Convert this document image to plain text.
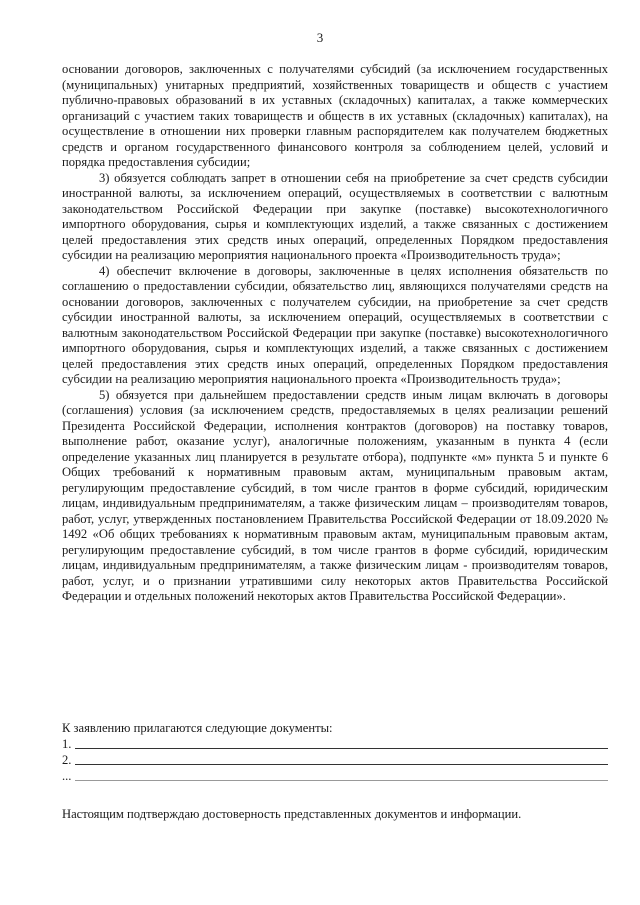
3

основании договоров, заключенных с получателями субсидий (за исключением государственных (муниципальных) унитарных предприятий, хозяйственных товариществ и обществ с участием публично-правовых образований в их уставных (складочных) капиталах, а также коммерческих организаций с участием таких товариществ и обществ в их уставных (складочных) капиталах), на осуществление в отношении них проверки главным распорядителем как получателем бюджетных средств и органом государственного финансового контроля за соблюдением целей, условий и порядка предоставления субсидии;

3) обязуется соблюдать запрет в отношении себя на приобретение за счет средств субсидии иностранной валюты, за исключением операций, осуществляемых в соответствии с валютным законодательством Российской Федерации при закупке (поставке) высокотехнологичного импортного оборудования, сырья и комплектующих изделий, а также связанных с достижением целей предоставления этих средств иных операций, определенных Порядком предоставления субсидии на реализацию мероприятия национального проекта «Производительность труда»;

4) обеспечит включение в договоры, заключенные в целях исполнения обязательств по соглашению о предоставлении субсидии, обязательство лиц, являющихся получателями средств на основании договоров, заключенных с получателем субсидии, на приобретение за счет средств субсидии иностранной валюты, за исключением операций, осуществляемых в соответствии с валютным законодательством Российской Федерации при закупке (поставке) высокотехнологичного импортного оборудования, сырья и комплектующих изделий, а также связанных с достижением целей предоставления этих средств иных операций, определенных Порядком предоставления субсидии на реализацию мероприятия национального проекта «Производительность труда»;

5) обязуется при дальнейшем предоставлении средств иным лицам включать в договоры (соглашения) условия (за исключением средств, предоставляемых в целях реализации решений Президента Российской Федерации, исполнения контрактов (договоров) на поставку товаров, выполнение работ, оказание услуг), аналогичные положениям, указанным в пункта 4 (если определение указанных лиц планируется в результате отбора), подпункте «м» пункта 5 и пункте 6 Общих требований к нормативным правовым актам, муниципальным правовым актам, регулирующим предоставление субсидий, в том числе грантов в форме субсидий, юридическим лицам, индивидуальным предпринимателям, а также физическим лицам – производителям товаров, работ, услуг, утвержденных постановлением Правительства Российской Федерации от 18.09.2020 № 1492 «Об общих требованиях к нормативным правовым актам, муниципальным правовым актам, регулирующим предоставление субсидий, в том числе грантов в форме субсидий, юридическим лицам, индивидуальным предпринимателям, а также физическим лицам - производителям товаров, работ, услуг, и о признании утратившими силу некоторых актов Правительства Российской Федерации и отдельных положений некоторых актов Правительства Российской Федерации».

К заявлению прилагаются следующие документы:
1.
2.
...
Настоящим подтверждаю достоверность представленных документов и информации.
